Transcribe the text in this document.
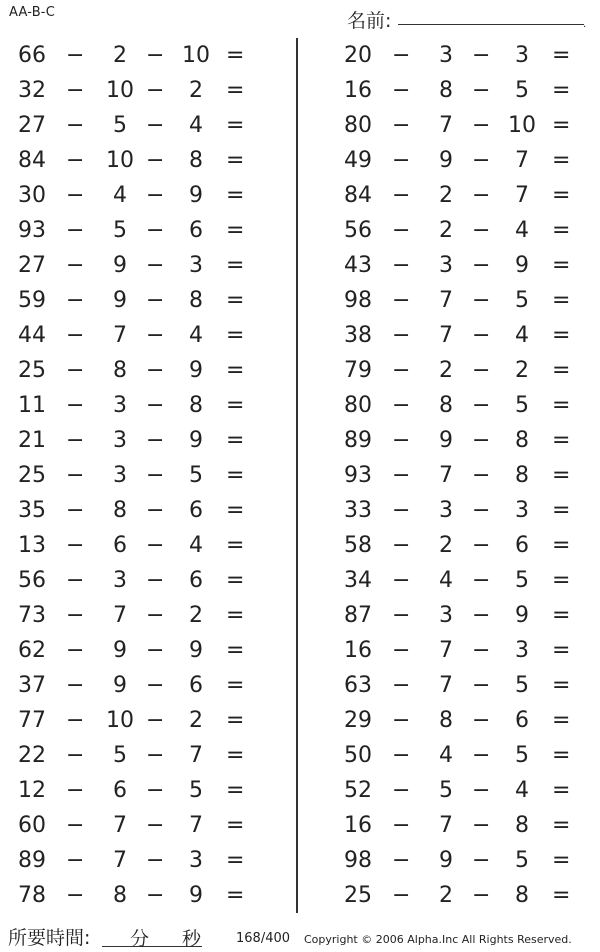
AA-B-C	名前:	.
66 −	2 − 10 =
32 − 10 −	2	=
27 −	5 −	4	=
84 − 10 −	8	=
30 −	4 −	9	=
93 −	5 −	6	=
27 −	9 −	3	=
59 −	9 −	8	=
44 −	7 −	4	=
25 −	8 −	9	=
11 −	3 −	8	=
21 −	3 −	9	=
25 −	3 −	5	=
35 −	8 −	6	=
13 −	6 −	4	=
56 −	3 −	6	=
73 −	7 −	2	=
62 −	9 −	9	=
37 −	9 −	6	=
77 − 10 −	2	=
22 −	5 −	7	=
12 −	6 −	5	=
60 −	7 −	7	=
89 −	7 −	3	=
78 −	8 −	9	=
20 −	3 −	3	=
16 −	8 −	5	=
80 −	7 − 10 =
49 −	9 −	7	=
84 −	2 −	7	=
56 −	2 −	4	=
43 −	3 −	9	=
98 −	7 −	5	=
38 −	7 −	4	=
79 −	2 −	2	=
80 −	8 −	5	=
89 −	9 −	8	=
93 −	7 −	8	=
33 −	3 −	3	=
58 −	2 −	6	=
34 −	4 −	5	=
87 −	3 −	9	=
16 −	7 −	3	=
63 −	7 −	5	=
29 −	8 −	6	=
50 −	4 −	5	=
52 −	5 −	4	=
16 −	7 −	8	=
98 −	9 −	5	=
25 −	2 −	8	=
所要時間: 分 秒	168/400 Copyright © 2006 Alpha.Inc All Rights Reserved.
